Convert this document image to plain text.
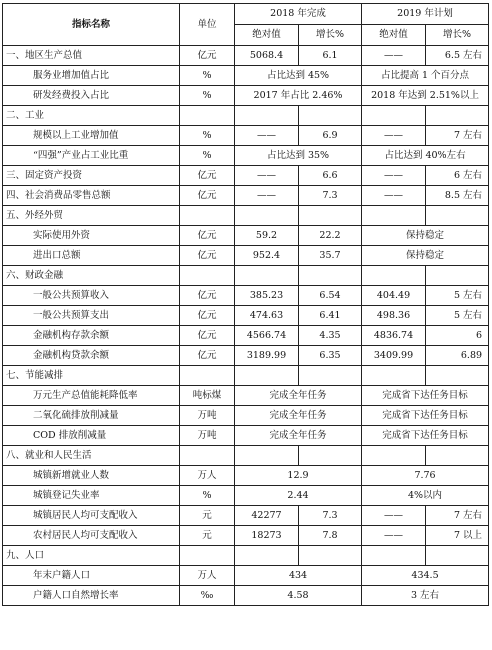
指标名称	单位	2018 年完成		2019 年计划	
		绝对值	增长%	绝对值	增长%
一、地区生产总值	亿元	5068.4	6.1	——	6.5 左右
服务业增加值占比	%	占比达到 45%		占比提高 1 个百分点	
研发经费投入占比	%	2017 年占比 2.46%		2018 年达到 2.51%以上	
二、工业					
规模以上工业增加值	%	——	6.9	——	7 左右
“四强”产业占工业比重	%	占比达到 35%		占比达到 40%左右	
三、固定资产投资	亿元	——	6.6	——	6 左右
四、社会消费品零售总额	亿元	——	7.3	——	8.5 左右
五、外经外贸					
实际使用外资	亿元	59.2	22.2	保持稳定	
进出口总额	亿元	952.4	35.7	保持稳定	
六、财政金融					
一般公共预算收入	亿元	385.23	6.54	404.49	5 左右
一般公共预算支出	亿元	474.63	6.41	498.36	5 左右
金融机构存款余额	亿元	4566.74	4.35	4836.74	6
金融机构贷款余额	亿元	3189.99	6.35	3409.99	6.89
七、节能减排					
万元生产总值能耗降低率	吨标煤	完成全年任务		完成省下达任务目标	
二氧化硫排放削减量	万吨	完成全年任务		完成省下达任务目标	
COD 排放削减量	万吨	完成全年任务		完成省下达任务目标	
八、就业和人民生活					
城镇新增就业人数	万人	12.9		7.76	
城镇登记失业率	%	2.44		4%以内	
城镇居民人均可支配收入	元	42277	7.3	——	7 左右
农村居民人均可支配收入	元	18273	7.8	——	7 以上
九、人口					
年末户籍人口	万人	434		434.5	
户籍人口自然增长率	‰	4.58		3 左右	
